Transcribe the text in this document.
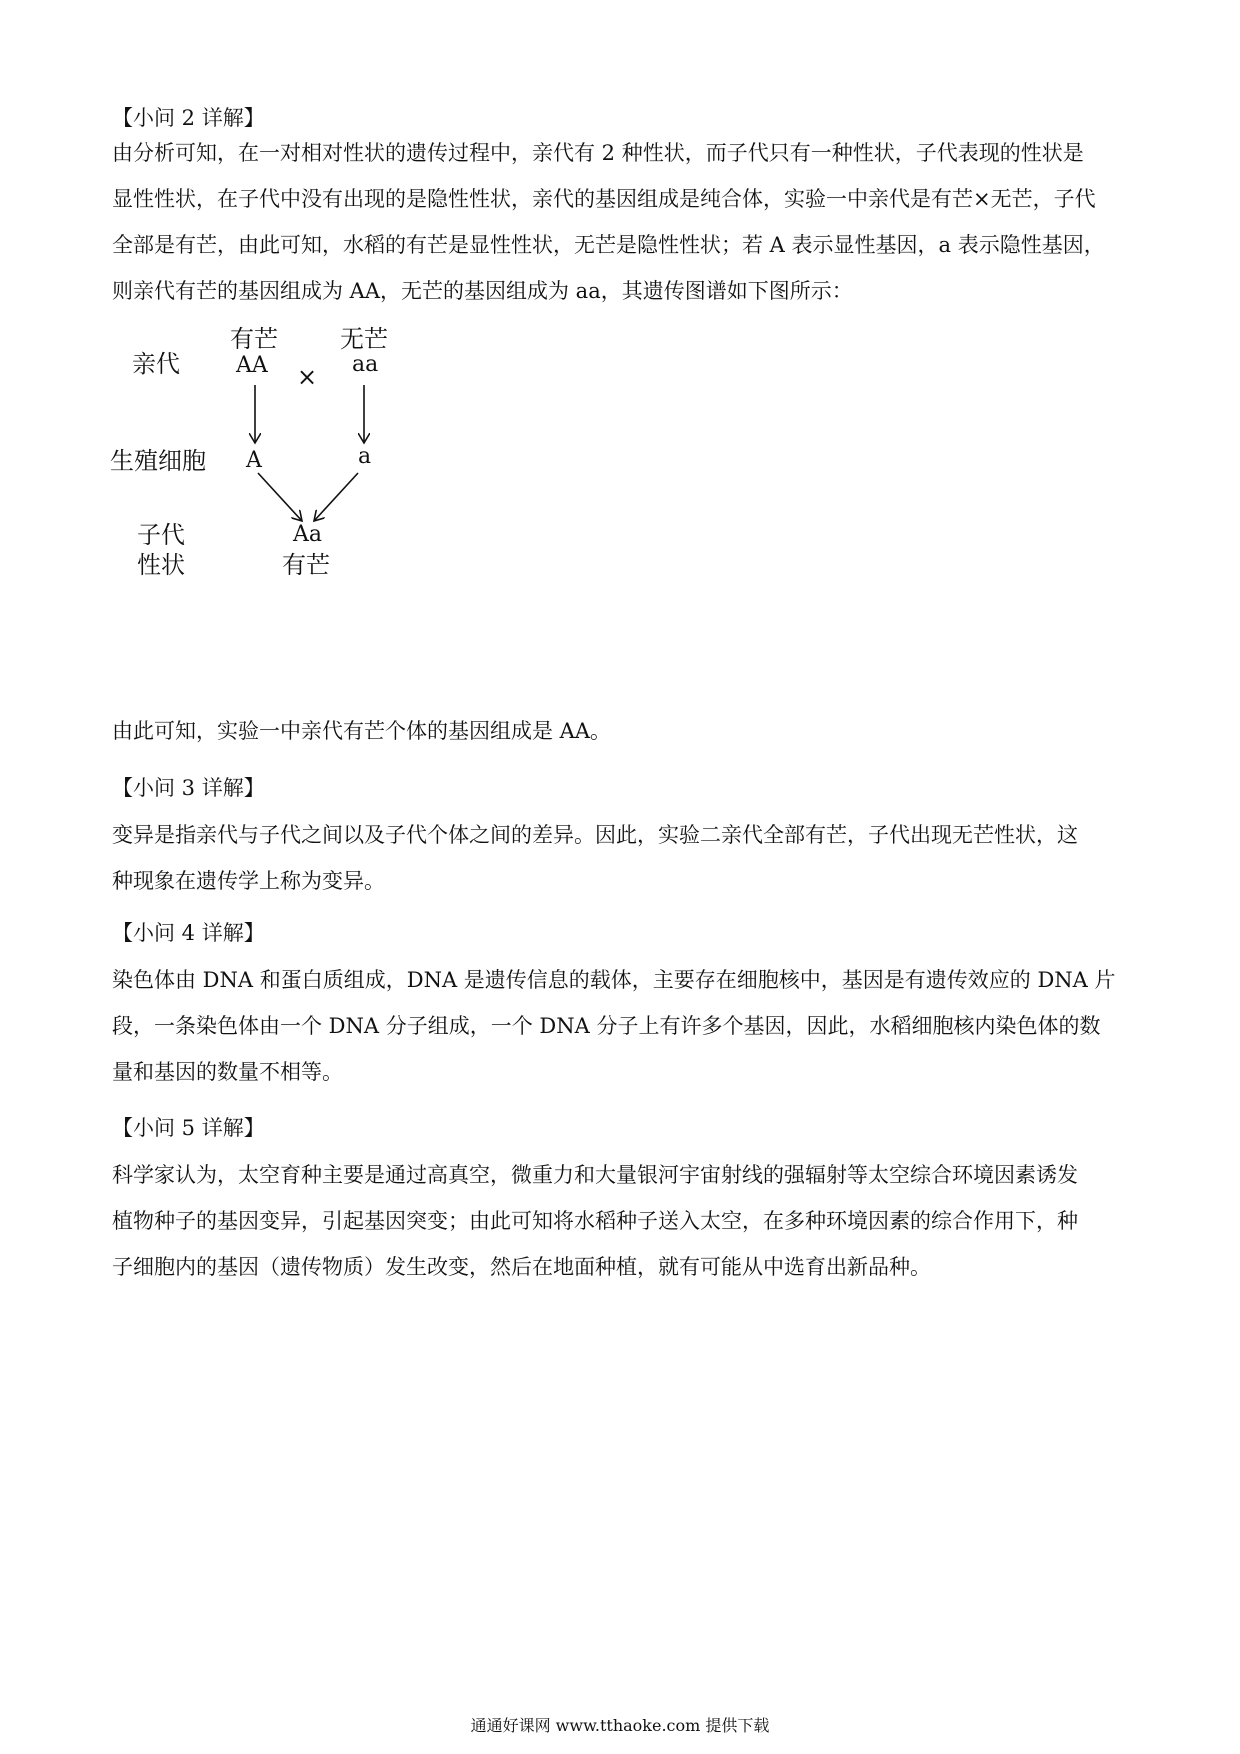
【小问 2 详解】
由分析可知，在一对相对性状的遗传过程中，亲代有 2 种性状，而子代只有一种性状，子代表现的性状是
显性性状，在子代中没有出现的是隐性性状，亲代的基因组成是纯合体，实验一中亲代是有芒×无芒，子代
全部是有芒，由此可知，水稻的有芒是显性性状，无芒是隐性性状；若 A 表示显性基因，a 表示隐性基因，
则亲代有芒的基因组成为 AA，无芒的基因组成为 aa，其遗传图谱如下图所示：
亲代
生殖细胞
子代
性状
有芒
AA ×
无芒
aa
A	a
Aa
有芒
由此可知，实验一中亲代有芒个体的基因组成是 AA。
【小问 3 详解】
变异是指亲代与子代之间以及子代个体之间的差异。因此，实验二亲代全部有芒，子代出现无芒性状，这
种现象在遗传学上称为变异。
【小问 4 详解】
染色体由 DNA 和蛋白质组成，DNA 是遗传信息的载体，主要存在细胞核中，基因是有遗传效应的 DNA 片
段，一条染色体由一个 DNA 分子组成，一个 DNA 分子上有许多个基因，因此，水稻细胞核内染色体的数
量和基因的数量不相等。
【小问 5 详解】
科学家认为，太空育种主要是通过高真空，微重力和大量银河宇宙射线的强辐射等太空综合环境因素诱发
植物种子的基因变异，引起基因突变；由此可知将水稻种子送入太空，在多种环境因素的综合作用下，种
子细胞内的基因（遗传物质）发生改变，然后在地面种植，就有可能从中选育出新品种。
通通好课网 www.tthaoke.com 提供下载
